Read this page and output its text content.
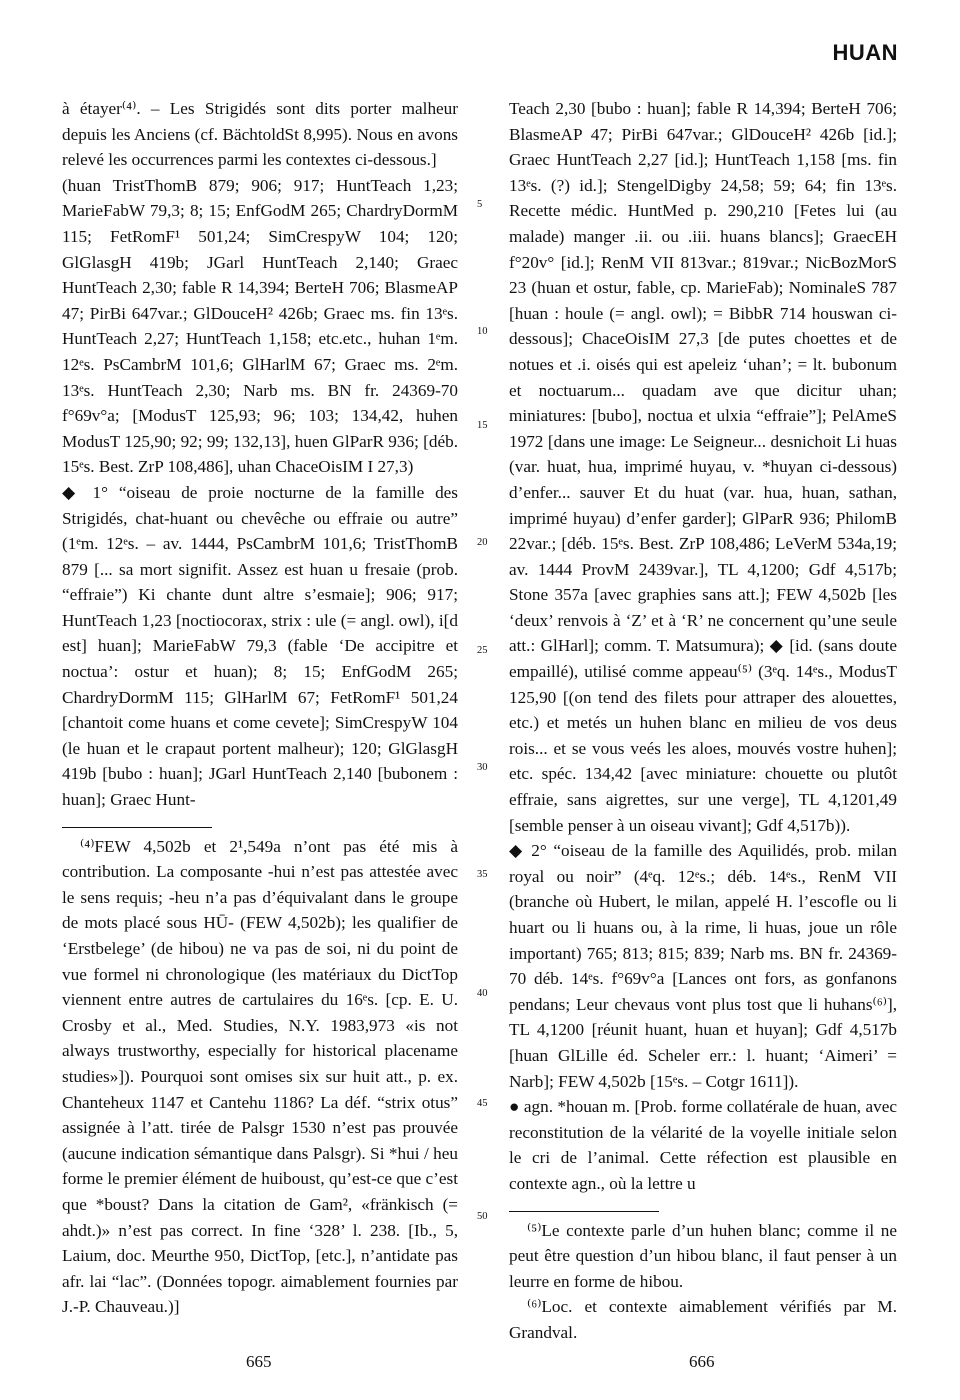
HUAN

à étayer⁽⁴⁾. – Les Strigidés sont dits porter malheur depuis les Anciens (cf. BächtoldSt 8,995). Nous en avons relevé les occurrences parmi les contextes ci-dessous.]

(huan TristThomB 879; 906; 917; HuntTeach 1,23; MarieFabW 79,3; 8; 15; EnfGodM 265; ChardryDormM 115; FetRomF¹ 501,24; SimCrespyW 104; 120; GlGlasgH 419b; JGarl HuntTeach 2,140; Graec HuntTeach 2,30; fable R 14,394; BerteH 706; BlasmeAP 47; PirBi 647var.; GlDouceH² 426b; Graec ms. fin 13ᵉs. HuntTeach 2,27; HuntTeach 1,158; etc.etc., huhan 1ᵉm. 12ᵉs. PsCambrM 101,6; GlHarlM 67; Graec ms. 2ᵉm. 13ᵉs. HuntTeach 2,30; Narb ms. BN fr. 24369-70 f°69v°a; [ModusT 125,93; 96; 103; 134,42, huhen ModusT 125,90; 92; 99; 132,13], huen GlParR 936; [déb. 15ᵉs. Best. ZrP 108,486], uhan ChaceOisIM I 27,3)

◆ 1° “oiseau de proie nocturne de la famille des Strigidés, chat-huant ou chevêche ou effraie ou autre” (1ᵉm. 12ᵉs. – av. 1444, PsCambrM 101,6; TristThomB 879 [... sa mort signifit. Assez est huan u fresaie (prob. “effraie”) Ki chante dunt altre s’esmaie]; 906; 917; HuntTeach 1,23 [noctiocorax, strix : ule (= angl. owl), i[d est] huan]; MarieFabW 79,3 (fable ‘De accipitre et noctua’: ostur et huan); 8; 15; EnfGodM 265; ChardryDormM 115; GlHarlM 67; FetRomF¹ 501,24 [chantoit come huans et come cevete]; SimCrespyW 104 (le huan et le crapaut portent malheur); 120; GlGlasgH 419b [bubo : huan]; JGarl HuntTeach 2,140 [bubonem : huan]; Graec Hunt-

⁽⁴⁾FEW 4,502b et 2¹,549a n’ont pas été mis à contribution. La composante -hui n’est pas attestée avec le sens requis; -heu n’a pas d’équivalant dans le groupe de mots placé sous HŪ- (FEW 4,502b); les qualifier de ‘Erstbelege’ (de hibou) ne va pas de soi, ni du point de vue formel ni chronologique (les matériaux du DictTop viennent entre autres de cartulaires du 16ᵉs. [cp. E. U. Crosby et al., Med. Studies, N.Y. 1983,973 «is not always trustworthy, especially for historical placename studies»]). Pourquoi sont omises six sur huit att., p. ex. Chanteheux 1147 et Cantehu 1186? La déf. “strix otus” assignée à l’att. tirée de Palsgr 1530 n’est pas prouvée (aucune indication sémantique dans Palsgr). Si *hui / heu forme le premier élément de huiboust, qu’est-ce que c’est que *boust? Dans la citation de Gam², «fränkisch (= ahdt.)» n’est pas correct. In fine ‘328’ l. 238. [Ib., 5, Laium, doc. Meurthe 950, DictTop, [etc.], n’antidate pas afr. lai “lac”. (Données topogr. aimablement fournies par J.-P. Chauveau.)]

5
10
15
20
25
30
35
40
45
50

Teach 2,30 [bubo : huan]; fable R 14,394; BerteH 706; BlasmeAP 47; PirBi 647var.; GlDouceH² 426b [id.]; Graec HuntTeach 2,27 [id.]; HuntTeach 1,158 [ms. fin 13ᵉs. (?) id.]; StengelDigby 24,58; 59; 64; fin 13ᵉs. Recette médic. HuntMed p. 290,210 [Fetes lui (au malade) manger .ii. ou .iii. huans blancs]; GraecEH f°20v° [id.]; RenM VII 813var.; 819var.; NicBozMorS 23 (huan et ostur, fable, cp. MarieFab); NominaleS 787 [huan : houle (= angl. owl); = BibbR 714 houswan ci-dessous]; ChaceOisIM 27,3 [de putes choettes et de notues et .i. oisés qui est apeleiz ‘uhan’; = lt. bubonum et noctuarum... quadam ave que dicitur uhan; miniatures: [bubo], noctua et ulxia “effraie”]; PelAmeS 1972 [dans une image: Le Seigneur... desnichoit Li huas (var. huat, hua, imprimé huyau, v. *huyan ci-dessous) d’enfer... sauver Et du huat (var. hua, huan, sathan, imprimé huyau) d’enfer garder]; GlParR 936; PhilomB 22var.; [déb. 15ᵉs. Best. ZrP 108,486; LeVerM 534a,19; av. 1444 ProvM 2439var.], TL 4,1200; Gdf 4,517b; Stone 357a [avec graphies sans att.]; FEW 4,502b [les ‘deux’ renvois à ‘Z’ et à ‘R’ ne concernent qu’une seule att.: GlHarl]; comm. T. Matsumura); ◆ [id. (sans doute empaillé), utilisé comme appeau⁽⁵⁾ (3ᵉq. 14ᵉs., ModusT 125,90 [(on tend des filets pour attraper des alouettes, etc.) et metés un huhen blanc en milieu de vos deus rois... et se vous veés les aloes, mouvés vostre huhen]; etc. spéc. 134,42 [avec miniature: chouette ou plutôt effraie, sans aigrettes, sur une verge], TL 4,1201,49 [semble penser à un oiseau vivant]; Gdf 4,517b)).

◆ 2° “oiseau de la famille des Aquilidés, prob. milan royal ou noir” (4ᵉq. 12ᵉs.; déb. 14ᵉs., RenM VII (branche où Hubert, le milan, appelé H. l’escofle ou li huart ou li huans ou, à la rime, li huas, joue un rôle important) 765; 813; 815; 839; Narb ms. BN fr. 24369-70 déb. 14ᵉs. f°69v°a [Lances ont fors, as gonfanons pendans; Leur chevaus vont plus tost que li huhans⁽⁶⁾], TL 4,1200 [réunit huant, huan et huyan]; Gdf 4,517b [huan GlLille éd. Scheler err.: l. huant; ‘Aimeri’ = Narb]; FEW 4,502b [15ᵉs. – Cotgr 1611]).

● agn. *houan m. [Prob. forme collatérale de huan, avec reconstitution de la vélarité de la voyelle initiale selon le cri de l’animal. Cette réfection est plausible en contexte agn., où la lettre u

⁽⁵⁾Le contexte parle d’un huhen blanc; comme il ne peut être question d’un hibou blanc, il faut penser à un leurre en forme de hibou.

⁽⁶⁾Loc. et contexte aimablement vérifiés par M. Grandval.

665	666
